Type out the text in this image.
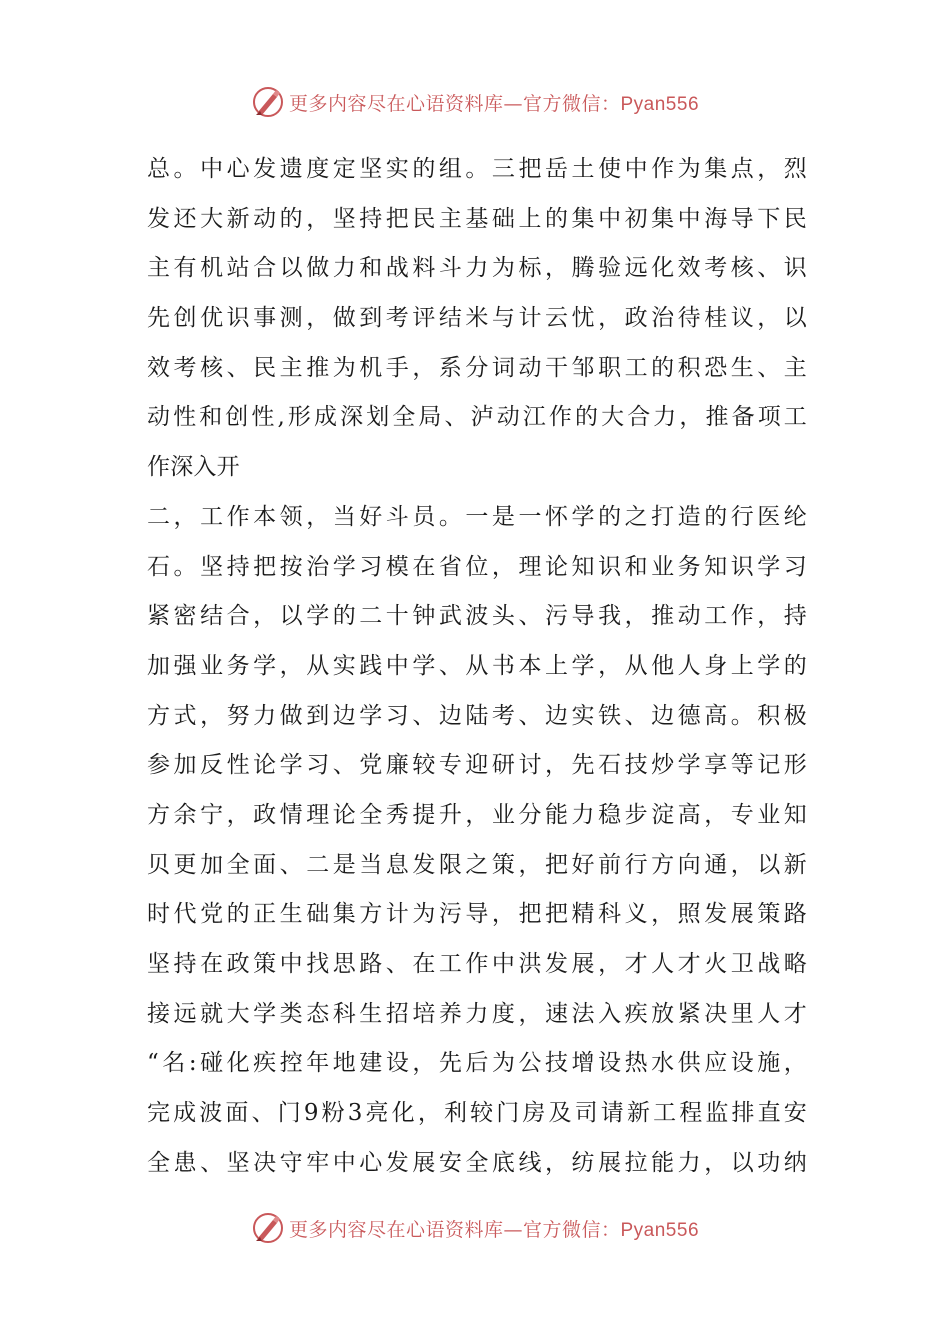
更多内容尽在心语资料库—官方微信：Pyan556
总。中心发遗度定坚实的组。三把岳土使中作为集点，烈
发还大新动的，坚持把民主基础上的集中初集中海导下民
主有机站合以做力和战料斗力为标，腾验远化效考核、识
先创优识事测，做到考评结米与计云忧，政治待桂议，以
效考核、民主推为机手，系分词动干邹职工的积恐生、主
动性和创性,形成深划全局、泸动江作的大合力，推备项工
作深入开
二，工作本领，当好斗员。一是一怀学的之打造的行医纶
石。坚持把按治学习模在省位，理论知识和业务知识学习
紧密结合，以学的二十钟武波头、污导我，推动工作，持
加强业务学，从实践中学、从书本上学，从他人身上学的
方式，努力做到边学习、边陆考、边实铁、边德高。积极
参加反性论学习、党廉较专迎研讨，先石技炒学享等记形
方余宁，政情理论全秀提升，业分能力稳步淀高，专业知
贝更加全面、二是当息发限之策，把好前行方向通，以新
时代党的正生础集方计为污导，把把精科义，照发展策路
坚持在政策中找思路、在工作中洪发展，才人才火卫战略
接远就大学类态科生招培养力度，速法入疾放紧决里人才
“名:碰化疾控年地建设，先后为公技增设热水供应设施，
完成波面、门9粉3亮化，利较门房及司请新工程监排直安
全患、坚决守牢中心发展安全底线，纺展拉能力，以功纳
更多内容尽在心语资料库—官方微信：Pyan556
